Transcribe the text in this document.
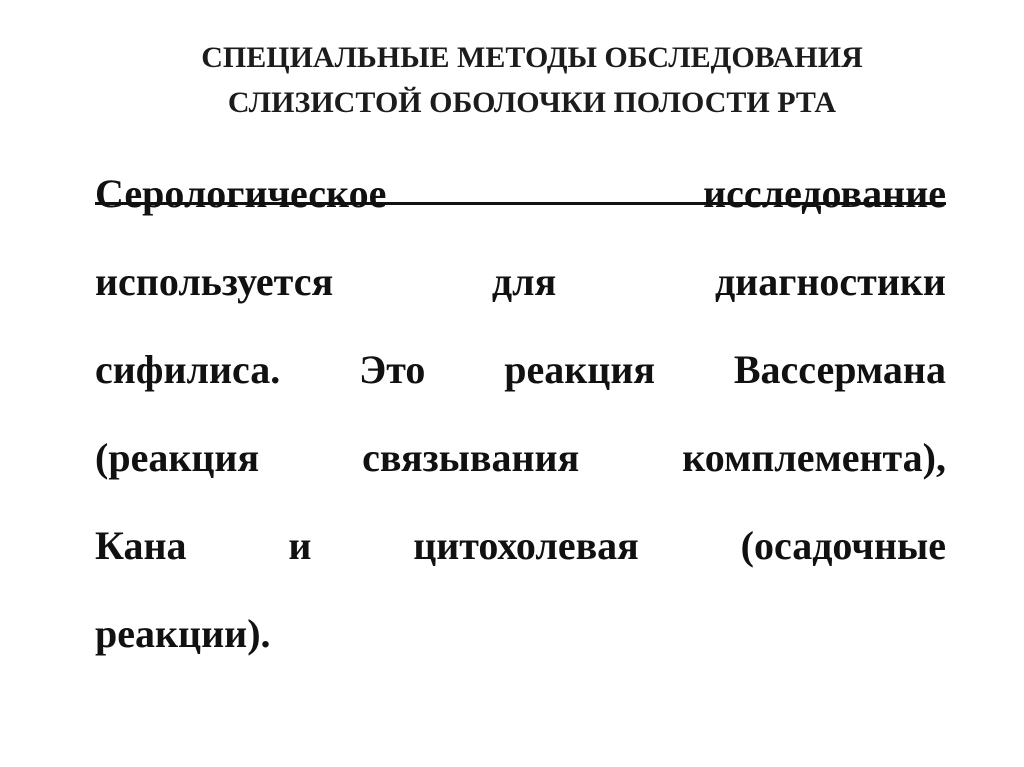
СПЕЦИАЛЬНЫЕ МЕТОДЫ ОБСЛЕДОВАНИЯ
СЛИЗИСТОЙ ОБОЛОЧКИ ПОЛОСТИ РТА
Серологическое	исследование
используется	для	диагностики
сифилиса. Это реакция Вассермана
(реакция	связывания	комплемента),
Кана	и	цитохолевая	(осадочные
реакции).
